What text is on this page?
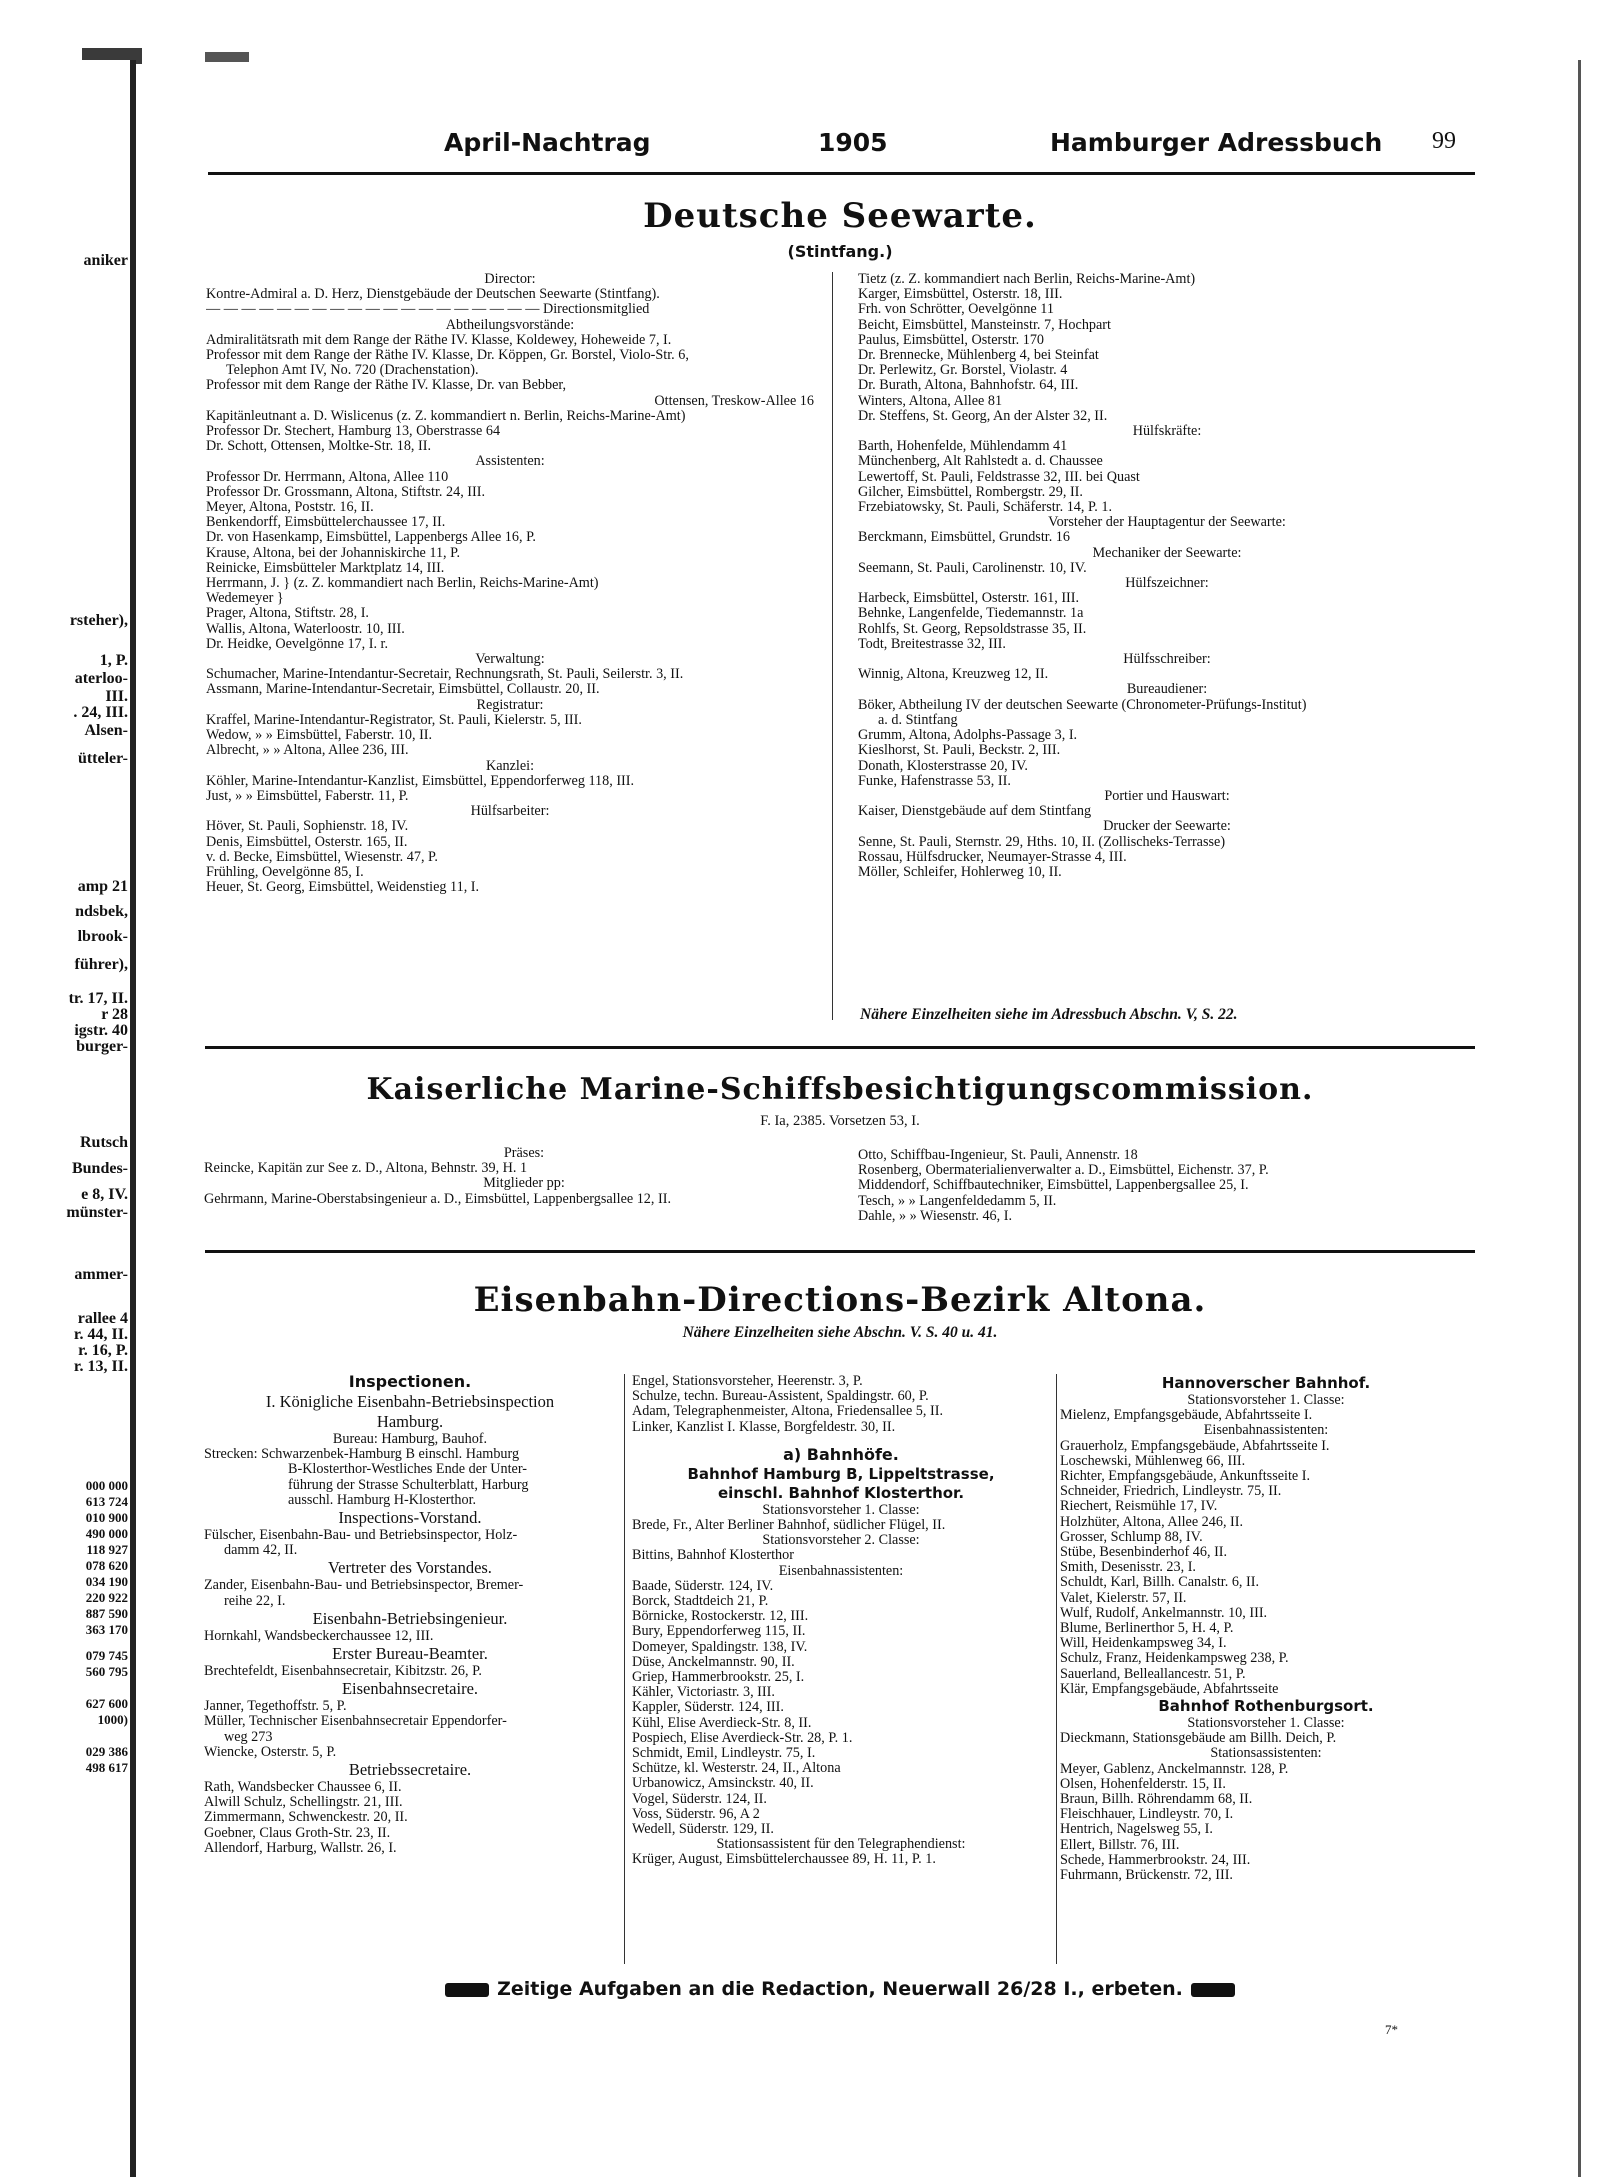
aniker
rsteher),
1, P.
aterloo-
III.
. 24, III.
Alsen-
ütteler-
amp 21
ndsbek,
lbrook-
führer),
tr. 17, II.
r 28
igstr. 40
burger-
Rutsch
Bundes-
e 8, IV.
münster-
ammer-
rallee 4
r. 44, II.
r. 16, P.
r. 13, II.
000 000
613 724
010 900
490 000
118 927
078 620
034 190
220 922
887 590
363 170
079 745
560 795
627 600
1000)
029 386
498 617
April-Nachtrag	1905	Hamburger Adressbuch 99
Deutsche Seewarte.
(Stintfang.)
Director:
Kontre-Admiral a. D. Herz, Dienstgebäude der Deutschen Seewarte (Stintfang).
— — — — — — — — — — — — — — — — — — — Directionsmitglied
Abtheilungsvorstände:
Admiralitätsrath mit dem Range der Räthe IV. Klasse, Koldewey, Hoheweide 7, I.
Professor mit dem Range der Räthe IV. Klasse, Dr. Köppen, Gr. Borstel, Violo-Str. 6,
Telephon Amt IV, No. 720 (Drachenstation).
Professor mit dem Range der Räthe IV. Klasse, Dr. van Bebber,
Ottensen, Treskow-Allee 16
Kapitänleutnant a. D. Wislicenus (z. Z. kommandiert n. Berlin, Reichs-Marine-Amt)
Professor Dr. Stechert, Hamburg 13, Oberstrasse 64
Dr. Schott, Ottensen, Moltke-Str. 18, II.
Assistenten:
Professor Dr. Herrmann, Altona, Allee 110
Professor Dr. Grossmann, Altona, Stiftstr. 24, III.
Meyer, Altona, Poststr. 16, II.
Benkendorff, Eimsbüttelerchaussee 17, II.
Dr. von Hasenkamp, Eimsbüttel, Lappenbergs Allee 16, P.
Krause, Altona, bei der Johanniskirche 11, P.
Reinicke, Eimsbütteler Marktplatz 14, III.
Herrmann, J. } (z. Z. kommandiert nach Berlin, Reichs-Marine-Amt)
Wedemeyer }
Prager, Altona, Stiftstr. 28, I.
Wallis, Altona, Waterloostr. 10, III.
Dr. Heidke, Oevelgönne 17, I. r.
Verwaltung:
Schumacher, Marine-Intendantur-Secretair, Rechnungsrath, St. Pauli, Seilerstr. 3, II.
Assmann, Marine-Intendantur-Secretair, Eimsbüttel, Collaustr. 20, II.
Registratur:
Kraffel, Marine-Intendantur-Registrator, St. Pauli, Kielerstr. 5, III.
Wedow, » » Eimsbüttel, Faberstr. 10, II.
Albrecht, » » Altona, Allee 236, III.
Kanzlei:
Köhler, Marine-Intendantur-Kanzlist, Eimsbüttel, Eppendorferweg 118, III.
Just, » » Eimsbüttel, Faberstr. 11, P.
Hülfsarbeiter:
Höver, St. Pauli, Sophienstr. 18, IV.
Denis, Eimsbüttel, Osterstr. 165, II.
v. d. Becke, Eimsbüttel, Wiesenstr. 47, P.
Frühling, Oevelgönne 85, I.
Heuer, St. Georg, Eimsbüttel, Weidenstieg 11, I.
Tietz (z. Z. kommandiert nach Berlin, Reichs-Marine-Amt)
Karger, Eimsbüttel, Osterstr. 18, III.
Frh. von Schrötter, Oevelgönne 11
Beicht, Eimsbüttel, Mansteinstr. 7, Hochpart
Paulus, Eimsbüttel, Osterstr. 170
Dr. Brennecke, Mühlenberg 4, bei Steinfat
Dr. Perlewitz, Gr. Borstel, Violastr. 4
Dr. Burath, Altona, Bahnhofstr. 64, III.
Winters, Altona, Allee 81
Dr. Steffens, St. Georg, An der Alster 32, II.
Hülfskräfte:
Barth, Hohenfelde, Mühlendamm 41
Münchenberg, Alt Rahlstedt a. d. Chaussee
Lewertoff, St. Pauli, Feldstrasse 32, III. bei Quast
Gilcher, Eimsbüttel, Rombergstr. 29, II.
Frzebiatowsky, St. Pauli, Schäferstr. 14, P. 1.
Vorsteher der Hauptagentur der Seewarte:
Berckmann, Eimsbüttel, Grundstr. 16
Mechaniker der Seewarte:
Seemann, St. Pauli, Carolinenstr. 10, IV.
Hülfszeichner:
Harbeck, Eimsbüttel, Osterstr. 161, III.
Behnke, Langenfelde, Tiedemannstr. 1a
Rohlfs, St. Georg, Repsoldstrasse 35, II.
Todt, Breitestrasse 32, III.
Hülfsschreiber:
Winnig, Altona, Kreuzweg 12, II.
Bureaudiener:
Böker, Abtheilung IV der deutschen Seewarte (Chronometer-Prüfungs-Institut)
a. d. Stintfang
Grumm, Altona, Adolphs-Passage 3, I.
Kieslhorst, St. Pauli, Beckstr. 2, III.
Donath, Klosterstrasse 20, IV.
Funke, Hafenstrasse 53, II.
Portier und Hauswart:
Kaiser, Dienstgebäude auf dem Stintfang
Drucker der Seewarte:
Senne, St. Pauli, Sternstr. 29, Hths. 10, II. (Zollischeks-Terrasse)
Rossau, Hülfsdrucker, Neumayer-Strasse 4, III.
Möller, Schleifer, Hohlerweg 10, II.
Nähere Einzelheiten siehe im Adressbuch Abschn. V, S. 22.
Kaiserliche Marine-Schiffsbesichtigungscommission.
F. Ia, 2385. Vorsetzen 53, I.
Präses:
Reincke, Kapitän zur See z. D., Altona, Behnstr. 39, H. 1
Mitglieder pp:
Gehrmann, Marine-Oberstabsingenieur a. D., Eimsbüttel, Lappenbergsallee 12, II.
Otto, Schiffbau-Ingenieur, St. Pauli, Annenstr. 18
Rosenberg, Obermaterialienverwalter a. D., Eimsbüttel, Eichenstr. 37, P.
Middendorf, Schiffbautechniker, Eimsbüttel, Lappenbergsallee 25, I.
Tesch, » » Langenfeldedamm 5, II.
Dahle, » » Wiesenstr. 46, I.
Eisenbahn-Directions-Bezirk Altona.
Nähere Einzelheiten siehe Abschn. V. S. 40 u. 41.
Inspectionen.
I. Königliche Eisenbahn-Betriebsinspection
Hamburg.
Bureau: Hamburg, Bauhof.
Strecken: Schwarzenbek-Hamburg B einschl. Hamburg
B-Klosterthor-Westliches Ende der Unter-
führung der Strasse Schulterblatt, Harburg
ausschl. Hamburg H-Klosterthor.
Inspections-Vorstand.
Fülscher, Eisenbahn-Bau- und Betriebsinspector, Holz-
damm 42, II.
Vertreter des Vorstandes.
Zander, Eisenbahn-Bau- und Betriebsinspector, Bremer-
reihe 22, I.
Eisenbahn-Betriebsingenieur.
Hornkahl, Wandsbeckerchaussee 12, III.
Erster Bureau-Beamter.
Brechtefeldt, Eisenbahnsecretair, Kibitzstr. 26, P.
Eisenbahnsecretaire.
Janner, Tegethoffstr. 5, P.
Müller, Technischer Eisenbahnsecretair Eppendorfer-
weg 273
Wiencke, Osterstr. 5, P.
Betriebssecretaire.
Rath, Wandsbecker Chaussee 6, II.
Alwill Schulz, Schellingstr. 21, III.
Zimmermann, Schwenckestr. 20, II.
Goebner, Claus Groth-Str. 23, II.
Allendorf, Harburg, Wallstr. 26, I.
Engel, Stationsvorsteher, Heerenstr. 3, P.
Schulze, techn. Bureau-Assistent, Spaldingstr. 60, P.
Adam, Telegraphenmeister, Altona, Friedensallee 5, II.
Linker, Kanzlist I. Klasse, Borgfeldestr. 30, II.
a) Bahnhöfe.
Bahnhof Hamburg B, Lippeltstrasse,
einschl. Bahnhof Klosterthor.
Stationsvorsteher 1. Classe:
Brede, Fr., Alter Berliner Bahnhof, südlicher Flügel, II.
Stationsvorsteher 2. Classe:
Bittins, Bahnhof Klosterthor
Eisenbahnassistenten:
Baade, Süderstr. 124, IV.
Borck, Stadtdeich 21, P.
Börnicke, Rostockerstr. 12, III.
Bury, Eppendorferweg 115, II.
Domeyer, Spaldingstr. 138, IV.
Düse, Anckelmannstr. 90, II.
Griep, Hammerbrookstr. 25, I.
Kähler, Victoriastr. 3, III.
Kappler, Süderstr. 124, III.
Kühl, Elise Averdieck-Str. 8, II.
Pospiech, Elise Averdieck-Str. 28, P. 1.
Schmidt, Emil, Lindleystr. 75, I.
Schütze, kl. Westerstr. 24, II., Altona
Urbanowicz, Amsinckstr. 40, II.
Vogel, Süderstr. 124, II.
Voss, Süderstr. 96, A 2
Wedell, Süderstr. 129, II.
Stationsassistent für den Telegraphendienst:
Krüger, August, Eimsbüttelerchaussee 89, H. 11, P. 1.
Hannoverscher Bahnhof.
Stationsvorsteher 1. Classe:
Mielenz, Empfangsgebäude, Abfahrtsseite I.
Eisenbahnassistenten:
Grauerholz, Empfangsgebäude, Abfahrtsseite I.
Loschewski, Mühlenweg 66, III.
Richter, Empfangsgebäude, Ankunftsseite I.
Schneider, Friedrich, Lindleystr. 75, II.
Riechert, Reismühle 17, IV.
Holzhüter, Altona, Allee 246, II.
Grosser, Schlump 88, IV.
Stübe, Besenbinderhof 46, II.
Smith, Desenisstr. 23, I.
Schuldt, Karl, Billh. Canalstr. 6, II.
Valet, Kielerstr. 57, II.
Wulf, Rudolf, Ankelmannstr. 10, III.
Blume, Berlinerthor 5, H. 4, P.
Will, Heidenkampsweg 34, I.
Schulz, Franz, Heidenkampsweg 238, P.
Sauerland, Belleallancestr. 51, P.
Klär, Empfangsgebäude, Abfahrtsseite
Bahnhof Rothenburgsort.
Stationsvorsteher 1. Classe:
Dieckmann, Stationsgebäude am Billh. Deich, P.
Stationsassistenten:
Meyer, Gablenz, Anckelmannstr. 128, P.
Olsen, Hohenfelderstr. 15, II.
Braun, Billh. Röhrendamm 68, II.
Fleischhauer, Lindleystr. 70, I.
Hentrich, Nagelsweg 55, I.
Ellert, Billstr. 76, III.
Schede, Hammerbrookstr. 24, III.
Fuhrmann, Brückenstr. 72, III.
Zeitige Aufgaben an die Redaction, Neuerwall 26/28 I., erbeten.
7*
